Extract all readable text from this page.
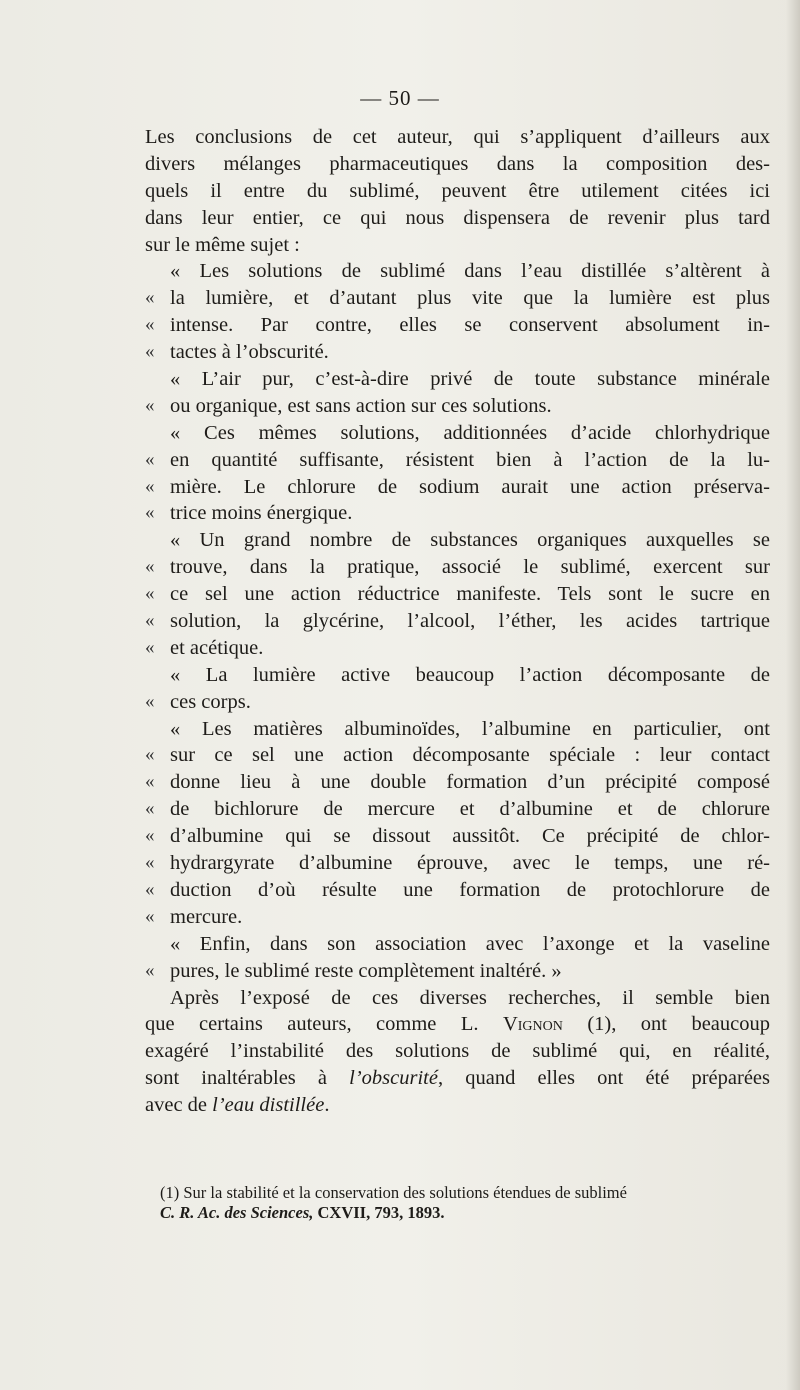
— 50 —
Les conclusions de cet auteur, qui s’appliquent d’ailleurs aux
divers mélanges pharmaceutiques dans la composition des-
quels il entre du sublimé, peuvent être utilement citées ici
dans leur entier, ce qui nous dispensera de revenir plus tard
sur le même sujet :
« Les solutions de sublimé dans l’eau distillée s’altèrent à
« la lumière, et d’autant plus vite que la lumière est plus
« intense. Par contre, elles se conservent absolument in-
« tactes à l’obscurité.
« L’air pur, c’est-à-dire privé de toute substance minérale
« ou organique, est sans action sur ces solutions.
« Ces mêmes solutions, additionnées d’acide chlorhydrique
« en quantité suffisante, résistent bien à l’action de la lu-
« mière. Le chlorure de sodium aurait une action préserva-
« trice moins énergique.
« Un grand nombre de substances organiques auxquelles se
« trouve, dans la pratique, associé le sublimé, exercent sur
« ce sel une action réductrice manifeste. Tels sont le sucre en
« solution, la glycérine, l’alcool, l’éther, les acides tartrique
« et acétique.
« La lumière active beaucoup l’action décomposante de
« ces corps.
« Les matières albuminoïdes, l’albumine en particulier, ont
« sur ce sel une action décomposante spéciale : leur contact
« donne lieu à une double formation d’un précipité composé
« de bichlorure de mercure et d’albumine et de chlorure
« d’albumine qui se dissout aussitôt. Ce précipité de chlor-
« hydrargyrate d’albumine éprouve, avec le temps, une ré-
« duction d’où résulte une formation de protochlorure de
« mercure.
« Enfin, dans son association avec l’axonge et la vaseline
« pures, le sublimé reste complètement inaltéré. »
Après l’exposé de ces diverses recherches, il semble bien
que certains auteurs, comme L. Vignon (1), ont beaucoup
exagéré l’instabilité des solutions de sublimé qui, en réalité,
sont inaltérables à l’obscurité, quand elles ont été préparées
avec de l’eau distillée.
(1) Sur la stabilité et la conservation des solutions étendues de sublimé
C. R. Ac. des Sciences, CXVII, 793, 1893.
